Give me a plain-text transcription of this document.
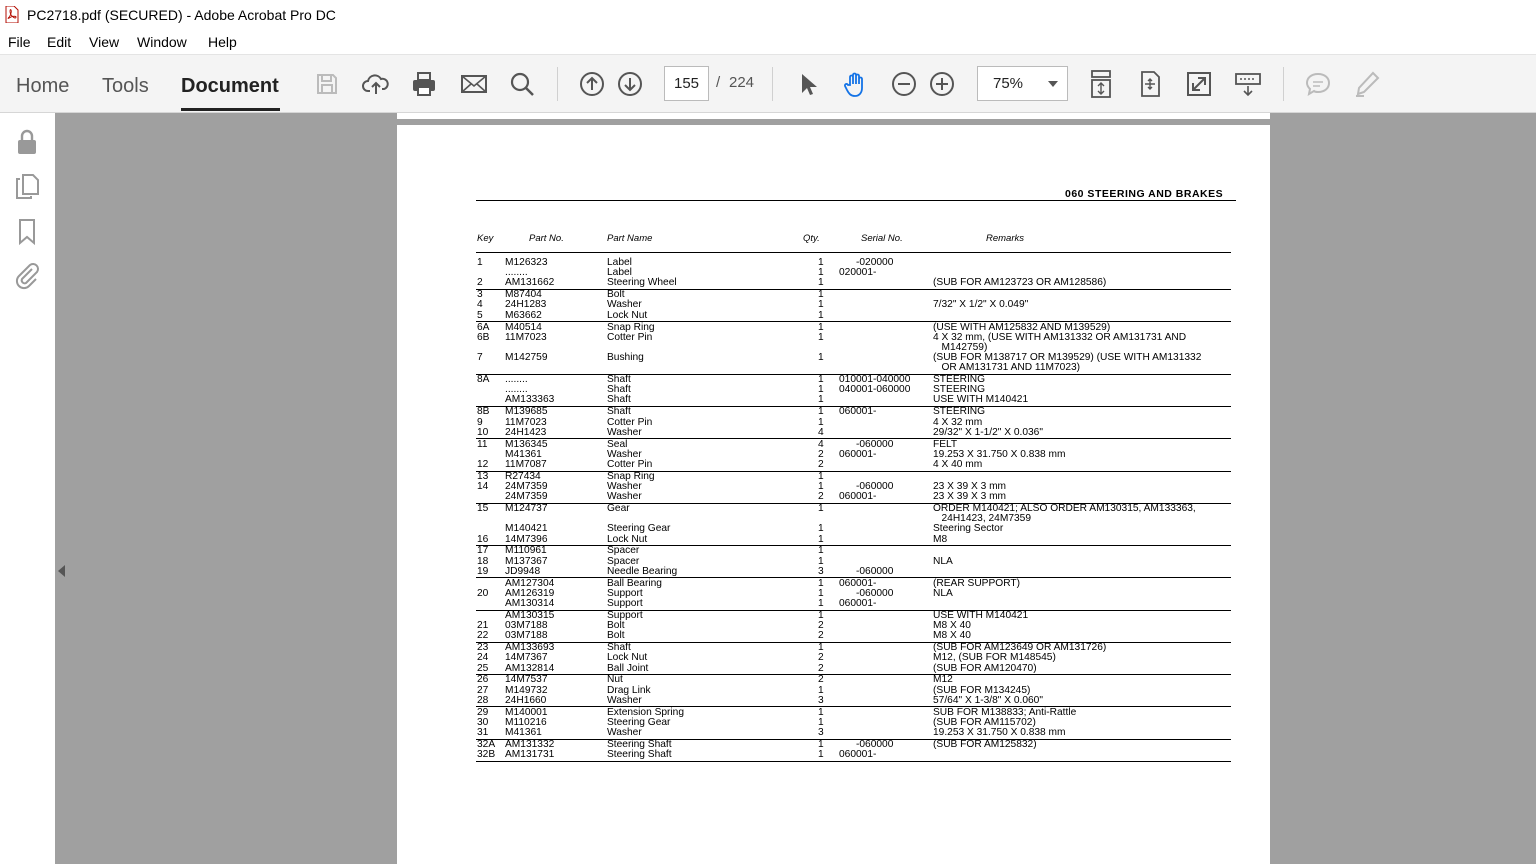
PC2718.pdf (SECURED) - Adobe Acrobat Pro DC
File Edit View Window Help
Home Tools Document	155	/ 224	75%
060 STEERING AND BRAKES
Key	Part No.	Part Name	Qty.	Serial No.	Remarks
1 M126323	Label	1 -020000
........	Label	1 020001-
2 AM131662	Steering Wheel	1	(SUB FOR AM123723 OR AM128586)
3 M87404	Bolt	1
4 24H1283	Washer	1	7/32" X 1/2" X 0.049"
5 M63662	Lock Nut	1
6A M40514	Snap Ring	1	(USE WITH AM125832 AND M139529)
6B 11M7023	Cotter Pin	1	4 X 32 mm, (USE WITH AM131332 OR AM131731 AND
M142759)
7 M142759	Bushing	1	(SUB FOR M138717 OR M139529) (USE WITH AM131332
OR AM131731 AND 11M7023)
8A ........	Shaft	1 010001-040000 STEERING
........	Shaft	1 040001-060000 STEERING
AM133363	Shaft	1	USE WITH M140421
8B M139685	Shaft	1 060001-	STEERING
9 11M7023	Cotter Pin	1	4 X 32 mm
10 24H1423	Washer	4	29/32" X 1-1/2" X 0.036"
11 M136345	Seal	4 -060000	FELT
M41361	Washer	2 060001-	19.253 X 31.750 X 0.838 mm
12 11M7087	Cotter Pin	2	4 X 40 mm
13 R27434	Snap Ring	1
14 24M7359	Washer	1 -060000	23 X 39 X 3 mm
24M7359	Washer	2 060001-	23 X 39 X 3 mm
15 M124737	Gear	1	ORDER M140421; ALSO ORDER AM130315, AM133363,
24H1423, 24M7359
M140421	Steering Gear	1	Steering Sector
16 14M7396	Lock Nut	1	M8
17 M110961	Spacer	1
18 M137367	Spacer	1	NLA
19 JD9948	Needle Bearing	3 -060000
AM127304	Ball Bearing	1 060001-	(REAR SUPPORT)
20 AM126319	Support	1 -060000	NLA
AM130314	Support	1 060001-
AM130315	Support	1	USE WITH M140421
21 03M7188	Bolt	2	M8 X 40
22 03M7188	Bolt	2	M8 X 40
23 AM133693	Shaft	1	(SUB FOR AM123649 OR AM131726)
24 14M7367	Lock Nut	2	M12, (SUB FOR M148545)
25 AM132814	Ball Joint	2	(SUB FOR AM120470)
26 14M7537	Nut	2	M12
27 M149732	Drag Link	1	(SUB FOR M134245)
28 24H1660	Washer	3	57/64" X 1-3/8" X 0.060"
29 M140001	Extension Spring	1	SUB FOR M138833; Anti-Rattle
30 M110216	Steering Gear	1	(SUB FOR AM115702)
31 M41361	Washer	3	19.253 X 31.750 X 0.838 mm
32A AM131332	Steering Shaft	1 -060000	(SUB FOR AM125832)
32B AM131731	Steering Shaft	1 060001-
